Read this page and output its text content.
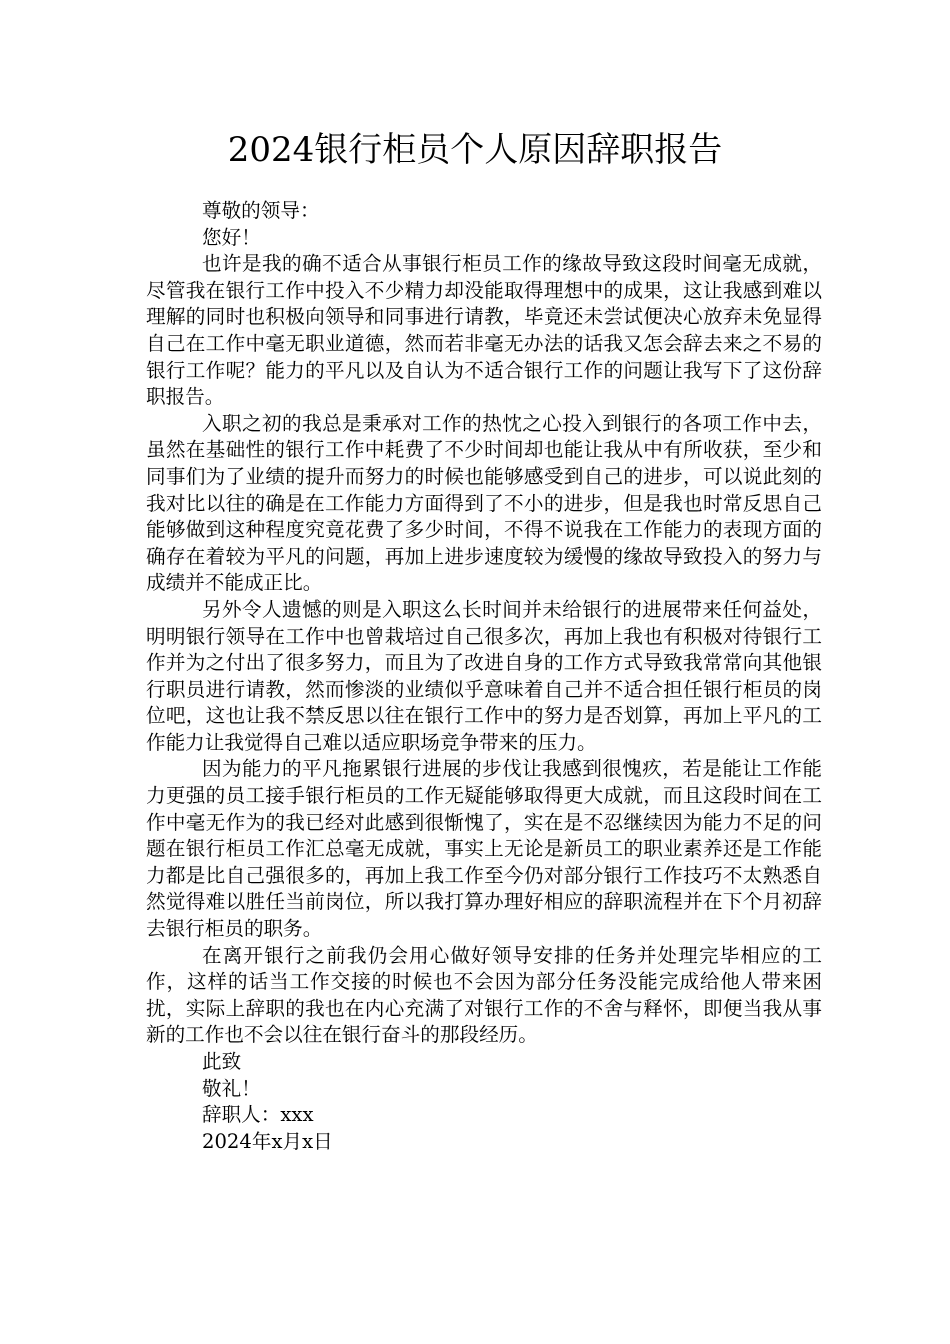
2024银行柜员个人原因辞职报告

尊敬的领导：

您好！

也许是我的确不适合从事银行柜员工作的缘故导致这段时间毫无成就，尽管我在银行工作中投入不少精力却没能取得理想中的成果，这让我感到难以理解的同时也积极向领导和同事进行请教，毕竟还未尝试便决心放弃未免显得自己在工作中毫无职业道德，然而若非毫无办法的话我又怎会辞去来之不易的银行工作呢？能力的平凡以及自认为不适合银行工作的问题让我写下了这份辞职报告。

入职之初的我总是秉承对工作的热忱之心投入到银行的各项工作中去，虽然在基础性的银行工作中耗费了不少时间却也能让我从中有所收获，至少和同事们为了业绩的提升而努力的时候也能够感受到自己的进步，可以说此刻的我对比以往的确是在工作能力方面得到了不小的进步，但是我也时常反思自己能够做到这种程度究竟花费了多少时间，不得不说我在工作能力的表现方面的确存在着较为平凡的问题，再加上进步速度较为缓慢的缘故导致投入的努力与成绩并不能成正比。

另外令人遗憾的则是入职这么长时间并未给银行的进展带来任何益处，明明银行领导在工作中也曾栽培过自己很多次，再加上我也有积极对待银行工作并为之付出了很多努力，而且为了改进自身的工作方式导致我常常向其他银行职员进行请教，然而惨淡的业绩似乎意味着自己并不适合担任银行柜员的岗位吧，这也让我不禁反思以往在银行工作中的努力是否划算，再加上平凡的工作能力让我觉得自己难以适应职场竞争带来的压力。

因为能力的平凡拖累银行进展的步伐让我感到很愧疚，若是能让工作能力更强的员工接手银行柜员的工作无疑能够取得更大成就，而且这段时间在工作中毫无作为的我已经对此感到很惭愧了，实在是不忍继续因为能力不足的问题在银行柜员工作汇总毫无成就，事实上无论是新员工的职业素养还是工作能力都是比自己强很多的，再加上我工作至今仍对部分银行工作技巧不太熟悉自然觉得难以胜任当前岗位，所以我打算办理好相应的辞职流程并在下个月初辞去银行柜员的职务。

在离开银行之前我仍会用心做好领导安排的任务并处理完毕相应的工作，这样的话当工作交接的时候也不会因为部分任务没能完成给他人带来困扰，实际上辞职的我也在内心充满了对银行工作的不舍与释怀，即便当我从事新的工作也不会以往在银行奋斗的那段经历。

此致

敬礼！

辞职人：xxx

2024年x月x日
